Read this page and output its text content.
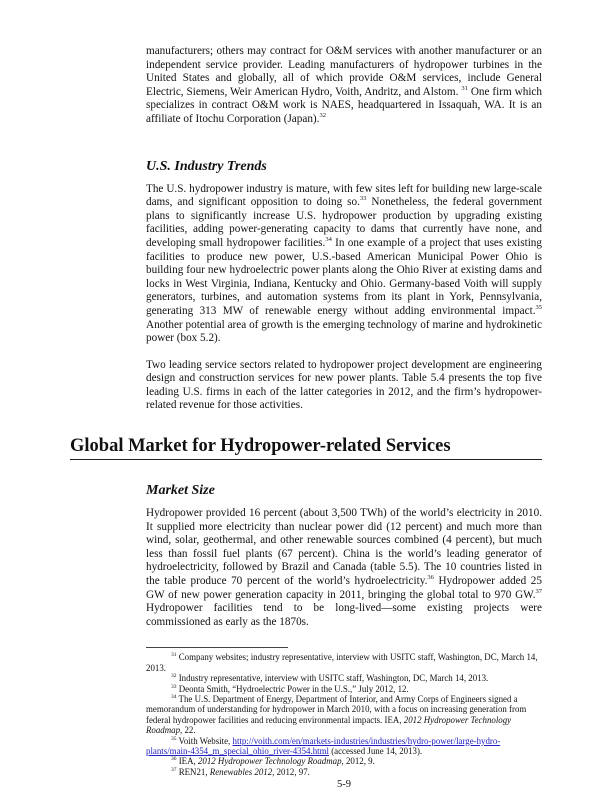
manufacturers; others may contract for O&M services with another manufacturer or an independent service provider. Leading manufacturers of hydropower turbines in the United States and globally, all of which provide O&M services, include General Electric, Siemens, Weir American Hydro, Voith, Andritz, and Alstom. $^{31}$ One firm which specializes in contract O&M work is NAES, headquartered in Issaquah, WA. It is an affiliate of Itochu Corporation (Japan).$^{32}$

U.S. Industry Trends

The U.S. hydropower industry is mature, with few sites left for building new large-scale dams, and significant opposition to doing so.$^{33}$ Nonetheless, the federal government plans to significantly increase U.S. hydropower production by upgrading existing facilities, adding power-generating capacity to dams that currently have none, and developing small hydropower facilities.$^{34}$ In one example of a project that uses existing facilities to produce new power, U.S.-based American Municipal Power Ohio is building four new hydroelectric power plants along the Ohio River at existing dams and locks in West Virginia, Indiana, Kentucky and Ohio. Germany-based Voith will supply generators, turbines, and automation systems from its plant in York, Pennsylvania, generating 313 MW of renewable energy without adding environmental impact.$^{35}$ Another potential area of growth is the emerging technology of marine and hydrokinetic power (box 5.2).

Two leading service sectors related to hydropower project development are engineering design and construction services for new power plants. Table 5.4 presents the top five leading U.S. firms in each of the latter categories in 2012, and the firm’s hydropower-related revenue for those activities.

Global Market for Hydropower-related Services
Market Size

Hydropower provided 16 percent (about 3,500 TWh) of the world’s electricity in 2010. It supplied more electricity than nuclear power did (12 percent) and much more than wind, solar, geothermal, and other renewable sources combined (4 percent), but much less than fossil fuel plants (67 percent). China is the world’s leading generator of hydroelectricity, followed by Brazil and Canada (table 5.5). The 10 countries listed in the table produce 70 percent of the world’s hydroelectricity.$^{36}$ Hydropower added 25 GW of new power generation capacity in 2011, bringing the global total to 970 GW.$^{37}$ Hydropower facilities tend to be long-lived—some existing projects were commissioned as early as the 1870s.

$^{31}$ Company websites; industry representative, interview with USITC staff, Washington, DC, March 14, 2013.

$^{32}$ Industry representative, interview with USITC staff, Washington, DC, March 14, 2013.

$^{33}$ Deonta Smith, “Hydroelectric Power in the U.S.,” July 2012, 12.

$^{34}$ The U.S. Department of Energy, Department of Interior, and Army Corps of Engineers signed a memorandum of understanding for hydropower in March 2010, with a focus on increasing generation from federal hydropower facilities and reducing environmental impacts. IEA, 2012 Hydropower Technology Roadmap, 22.

$^{35}$ Voith Website, http://voith.com/en/markets-industries/industries/hydro-power/large-hydro-plants/main-4354_m_special_ohio_river-4354.html (accessed June 14, 2013).

$^{36}$ IEA, 2012 Hydropower Technology Roadmap, 2012, 9.

$^{37}$ REN21, Renewables 2012, 2012, 97.

5-9
